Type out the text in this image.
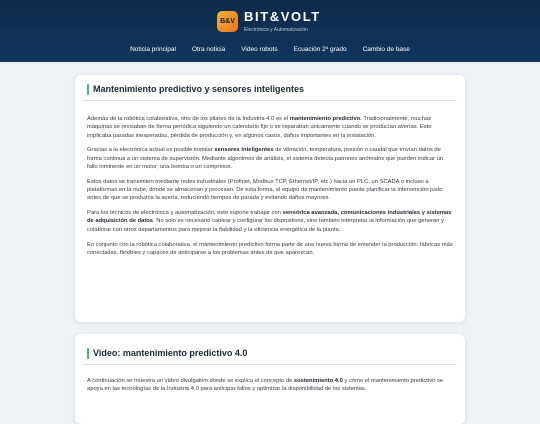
B&V BIT&VOLT
Electrónica y Automatización
Noticia principal Otra noticia Video robots Ecuación 2º grado Cambio de base
Mantenimiento predictivo y sensores inteligentes

Además de la robótica colaborativa, otro de los pilares de la Industria 4.0 es el mantenimiento predictivo. Tradicionalmente, muchas máquinas se revisaban de forma periódica siguiendo un calendario fijo o se reparaban únicamente cuando se producían averías. Esto implicaba paradas inesperadas, pérdida de producción y, en algunos casos, daños importantes en la instalación.

Gracias a la electrónica actual es posible instalar sensores inteligentes de vibración, temperatura, presión o caudal que envían datos de forma continua a un sistema de supervisión. Mediante algoritmos de análisis, el sistema detecta patrones anómalos que pueden indicar un fallo inminente en un motor, una bomba o un compresor.

Estos datos se transmiten mediante redes industriales (Profinet, Modbus TCP, Ethernet/IP, etc.) hacia un PLC, un SCADA o incluso a plataformas en la nube, donde se almacenan y procesan. De esta forma, el equipo de mantenimiento puede planificar la intervención justo antes de que se produzca la avería, reduciendo tiempos de parada y evitando daños mayores.

Para los técnicos de electrónica y automatización, esto supone trabajar con sensórica avanzada, comunicaciones industriales y sistemas de adquisición de datos. No solo es necesario cablear y configurar los dispositivos, sino también interpretar la información que generan y colaborar con otros departamentos para mejorar la fiabilidad y la eficiencia energética de la planta.

En conjunto con la robótica colaborativa, el mantenimiento predictivo forma parte de una nueva forma de entender la producción: fábricas más conectadas, flexibles y capaces de anticiparse a los problemas antes de que aparezcan.

Video: mantenimiento predictivo 4.0

A continuación se muestra un vídeo divulgativo donde se explica el concepto de sostenimiento 4.0 y cómo el mantenimiento predictivo se apoya en las tecnologías de la Industria 4.0 para anticipar fallos y optimizar la disponibilidad de los sistemas.
